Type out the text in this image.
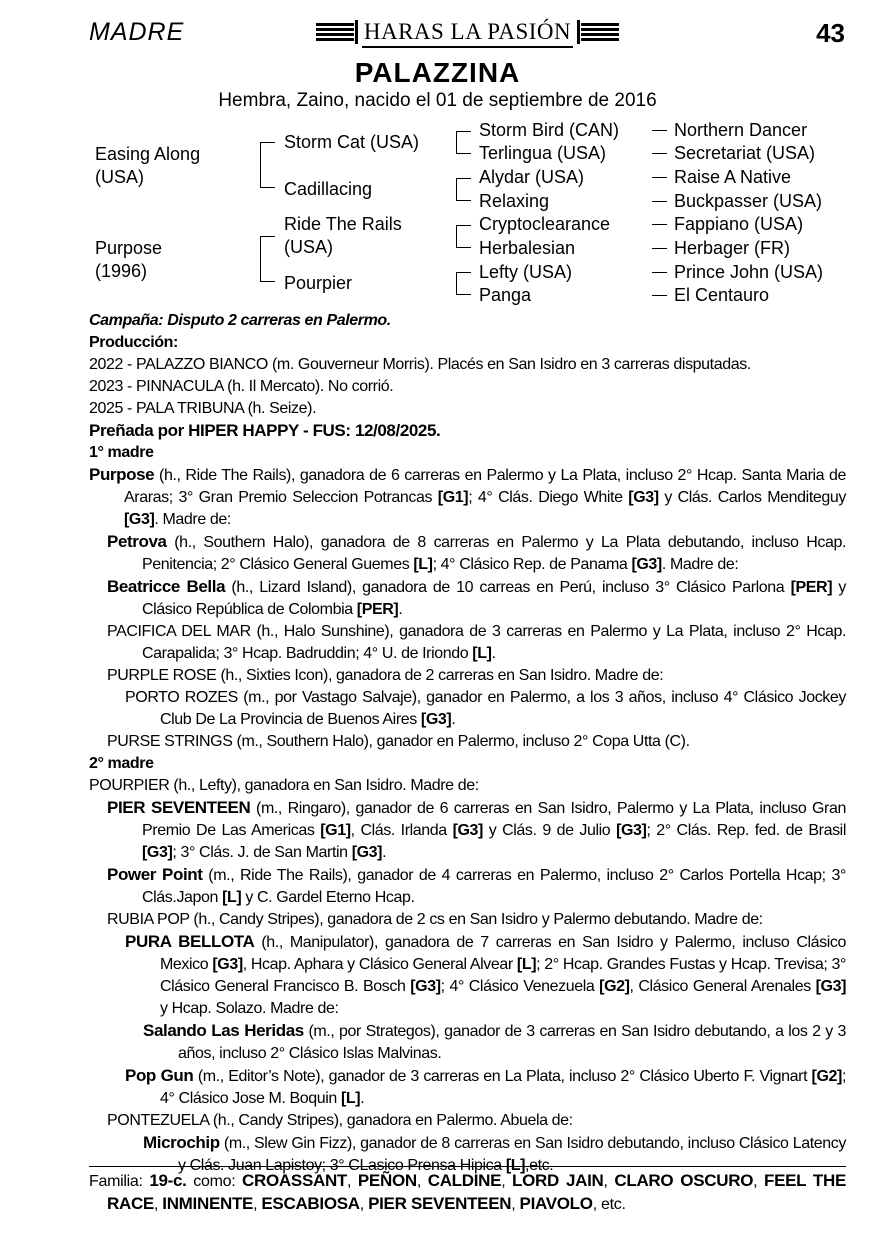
MADRE	HARAS LA PASIÓN	43
PALAZZINA
Hembra, Zaino, nacido el 01 de septiembre de 2016
Easing Along (USA)
Purpose (1996)
Storm Cat (USA)
Cadillacing
Ride The Rails (USA)
Pourpier
Storm Bird (CAN)
Terlingua (USA)
Alydar (USA)
Relaxing
Cryptoclearance
Herbalesian
Lefty (USA)
Panga
Northern Dancer
Secretariat (USA)
Raise A Native
Buckpasser (USA)
Fappiano (USA)
Herbager (FR)
Prince John (USA)
El Centauro

Campaña: Disputo 2 carreras en Palermo.

Producción:

2022 - PALAZZO BIANCO (m. Gouverneur Morris). Placés en San Isidro en 3 carreras disputadas.

2023 - PINNACULA (h. Il Mercato). No corrió.

2025 - PALA TRIBUNA (h. Seize).

Preñada por HIPER HAPPY - FUS: 12/08/2025.

1° madre

Purpose (h., Ride The Rails), ganadora de 6 carreras en Palermo y La Plata, incluso 2° Hcap. Santa Maria de Araras; 3° Gran Premio Seleccion Potrancas [G1]; 4° Clás. Diego White [G3] y Clás. Carlos Menditeguy [G3]. Madre de:

Petrova (h., Southern Halo), ganadora de 8 carreras en Palermo y La Plata debutando, incluso Hcap. Penitencia; 2° Clásico General Guemes [L]; 4° Clásico Rep. de Panama [G3]. Madre de:

Beatricce Bella (h., Lizard Island), ganadora de 10 carreas en Perú, incluso 3° Clásico Parlona [PER] y Clásico República de Colombia [PER].

PACIFICA DEL MAR (h., Halo Sunshine), ganadora de 3 carreras en Palermo y La Plata, incluso 2° Hcap. Carapalida; 3° Hcap. Badruddin; 4° U. de Iriondo [L].

PURPLE ROSE (h., Sixties Icon), ganadora de 2 carreras en San Isidro. Madre de:

PORTO ROZES (m., por Vastago Salvaje), ganador en Palermo, a los 3 años, incluso 4° Clásico Jockey Club De La Provincia de Buenos Aires [G3].

PURSE STRINGS (m., Southern Halo), ganador en Palermo, incluso 2° Copa Utta (C).

2° madre

POURPIER (h., Lefty), ganadora en San Isidro. Madre de:

PIER SEVENTEEN (m., Ringaro), ganador de 6 carreras en San Isidro, Palermo y La Plata, incluso Gran Premio De Las Americas [G1], Clás. Irlanda [G3] y Clás. 9 de Julio [G3]; 2° Clás. Rep. fed. de Brasil [G3]; 3° Clás. J. de San Martin [G3].

Power Point (m., Ride The Rails), ganador de 4 carreras en Palermo, incluso 2° Carlos Portella Hcap; 3° Clás.Japon [L] y C. Gardel Eterno Hcap.

RUBIA POP (h., Candy Stripes), ganadora de 2 cs en San Isidro y Palermo debutando. Madre de:

PURA BELLOTA (h., Manipulator), ganadora de 7 carreras en San Isidro y Palermo, incluso Clásico Mexico [G3], Hcap. Aphara y Clásico General Alvear [L]; 2° Hcap. Grandes Fustas y Hcap. Trevisa; 3° Clásico General Francisco B. Bosch [G3]; 4° Clásico Venezuela [G2], Clásico General Arenales [G3] y Hcap. Solazo. Madre de:

Salando Las Heridas (m., por Strategos), ganador de 3 carreras en San Isidro debutando, a los 2 y 3 años, incluso 2° Clásico Islas Malvinas.

Pop Gun (m., Editor’s Note), ganador de 3 carreras en La Plata, incluso 2° Clásico Uberto F. Vignart [G2]; 4° Clásico Jose M. Boquin [L].

PONTEZUELA (h., Candy Stripes), ganadora en Palermo. Abuela de:

Microchip (m., Slew Gin Fizz), ganador de 8 carreras en San Isidro debutando, incluso Clásico Latency y Clás. Juan Lapistoy; 3° CLasico Prensa Hipica [L],etc.

Familia: 19-c. como: CROASSANT, PEÑON, CALDINE, LORD JAIN, CLARO OSCURO, FEEL THE RACE, INMINENTE, ESCABIOSA, PIER SEVENTEEN, PIAVOLO, etc.
